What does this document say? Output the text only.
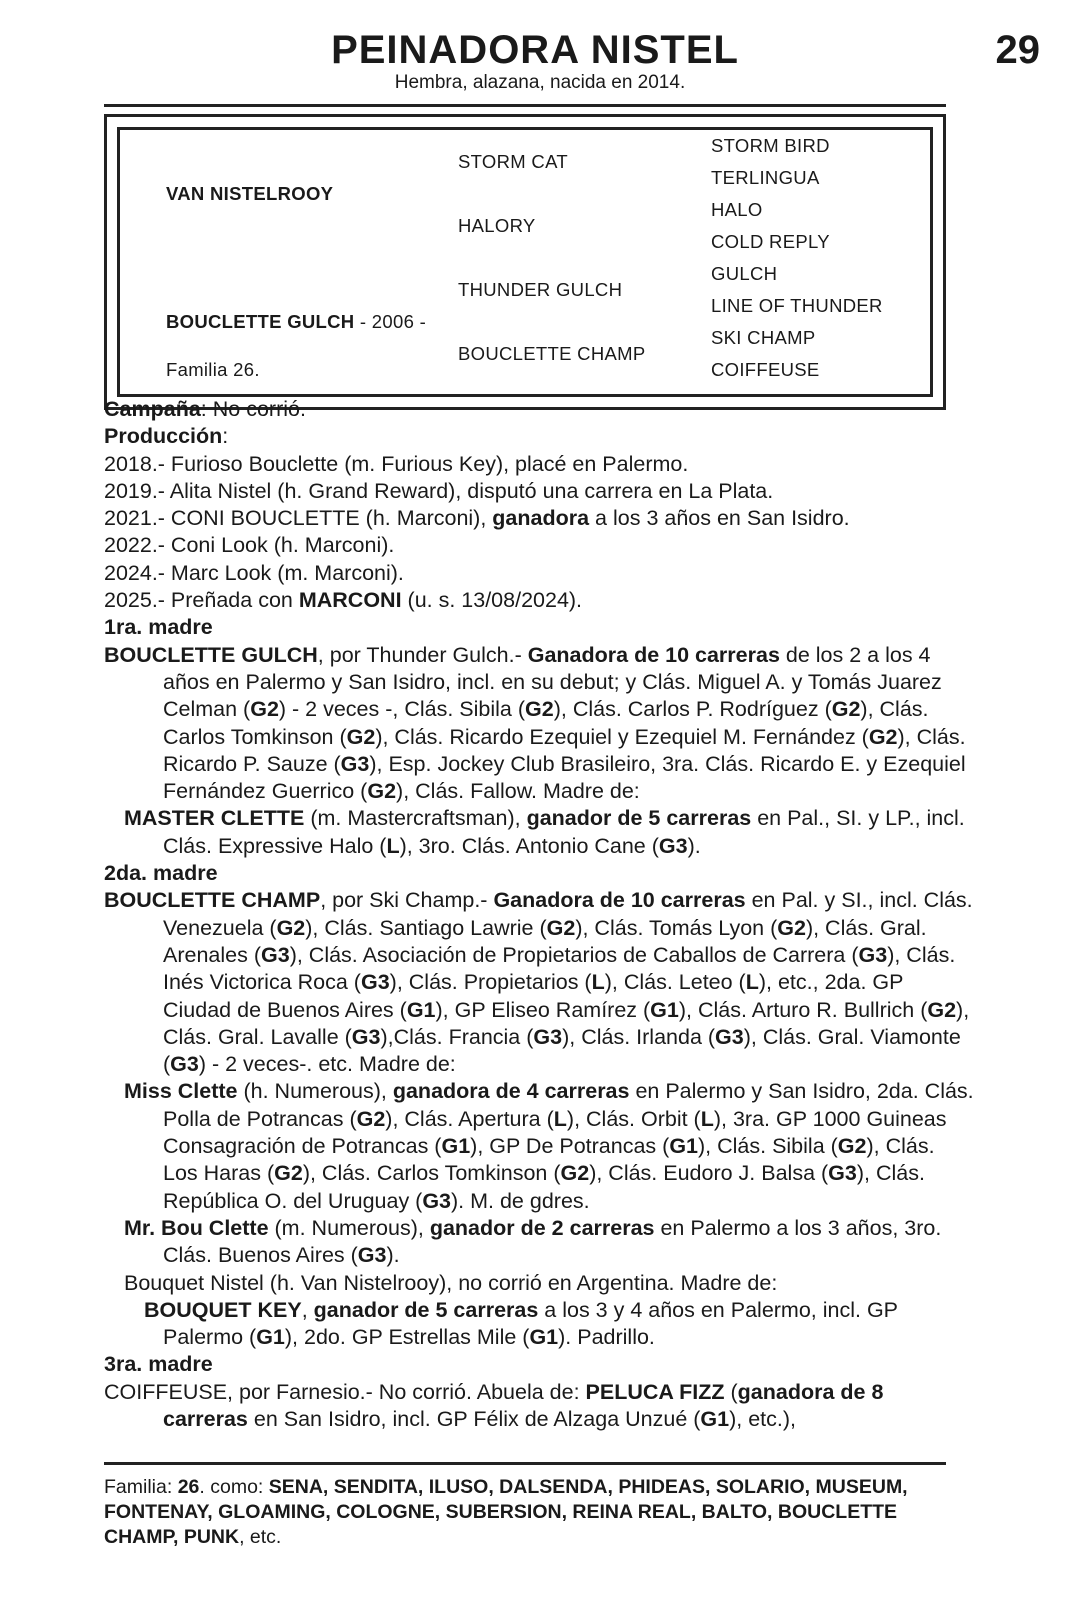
PEINADORA NISTEL	29
Hembra, alazana, nacida en 2014.
VAN NISTELROOY
BOUCLETTE GULCH - 2006 -
Familia 26.
STORM CAT
HALORY
THUNDER GULCH
BOUCLETTE CHAMP
STORM BIRD
TERLINGUA
HALO
COLD REPLY
GULCH
LINE OF THUNDER
SKI CHAMP
COIFFEUSE

Campaña: No corrió.

Producción:

2018.- Furioso Bouclette (m. Furious Key), placé en Palermo.

2019.- Alita Nistel (h. Grand Reward), disputó una carrera en La Plata.

2021.- CONI BOUCLETTE (h. Marconi), ganadora a los 3 años en San Isidro.

2022.- Coni Look (h. Marconi).

2024.- Marc Look (m. Marconi).

2025.- Preñada con MARCONI (u. s. 13/08/2024).

1ra. madre

BOUCLETTE GULCH, por Thunder Gulch.- Ganadora de 10 carreras de los 2 a los 4 años en Palermo y San Isidro, incl. en su debut; y Clás. Miguel A. y Tomás Juarez Celman (G2) - 2 veces -, Clás. Sibila (G2), Clás. Carlos P. Rodríguez (G2), Clás. Carlos Tomkinson (G2), Clás. Ricardo Ezequiel y Ezequiel M. Fernández (G2), Clás. Ricardo P. Sauze (G3), Esp. Jockey Club Brasileiro, 3ra. Clás. Ricardo E. y Ezequiel Fernández Guerrico (G2), Clás. Fallow. Madre de:

MASTER CLETTE (m. Mastercraftsman), ganador de 5 carreras en Pal., SI. y LP., incl. Clás. Expressive Halo (L), 3ro. Clás. Antonio Cane (G3).

2da. madre

BOUCLETTE CHAMP, por Ski Champ.- Ganadora de 10 carreras en Pal. y SI., incl. Clás. Venezuela (G2), Clás. Santiago Lawrie (G2), Clás. Tomás Lyon (G2), Clás. Gral. Arenales (G3), Clás. Asociación de Propietarios de Caballos de Carrera (G3), Clás. Inés Victorica Roca (G3), Clás. Propietarios (L), Clás. Leteo (L), etc., 2da. GP Ciudad de Buenos Aires (G1), GP Eliseo Ramírez (G1), Clás. Arturo R. Bullrich (G2), Clás. Gral. Lavalle (G3),Clás. Francia (G3), Clás. Irlanda (G3), Clás. Gral. Viamonte (G3) - 2 veces-. etc. Madre de:

Miss Clette (h. Numerous), ganadora de 4 carreras en Palermo y San Isidro, 2da. Clás. Polla de Potrancas (G2), Clás. Apertura (L), Clás. Orbit (L), 3ra. GP 1000 Guineas Consagración de Potrancas (G1), GP De Potrancas (G1), Clás. Sibila (G2), Clás. Los Haras (G2), Clás. Carlos Tomkinson (G2), Clás. Eudoro J. Balsa (G3), Clás. República O. del Uruguay (G3). M. de gdres.

Mr. Bou Clette (m. Numerous), ganador de 2 carreras en Palermo a los 3 años, 3ro. Clás. Buenos Aires (G3).

Bouquet Nistel (h. Van Nistelrooy), no corrió en Argentina. Madre de:

BOUQUET KEY, ganador de 5 carreras a los 3 y 4 años en Palermo, incl. GP Palermo (G1), 2do. GP Estrellas Mile (G1). Padrillo.

3ra. madre

COIFFEUSE, por Farnesio.- No corrió. Abuela de: PELUCA FIZZ (ganadora de 8 carreras en San Isidro, incl. GP Félix de Alzaga Unzué (G1), etc.),

Familia: 26. como: SENA, SENDITA, ILUSO, DALSENDA, PHIDEAS, SOLARIO, MUSEUM, FONTENAY, GLOAMING, COLOGNE, SUBERSION, REINA REAL, BALTO, BOUCLETTE CHAMP, PUNK, etc.
